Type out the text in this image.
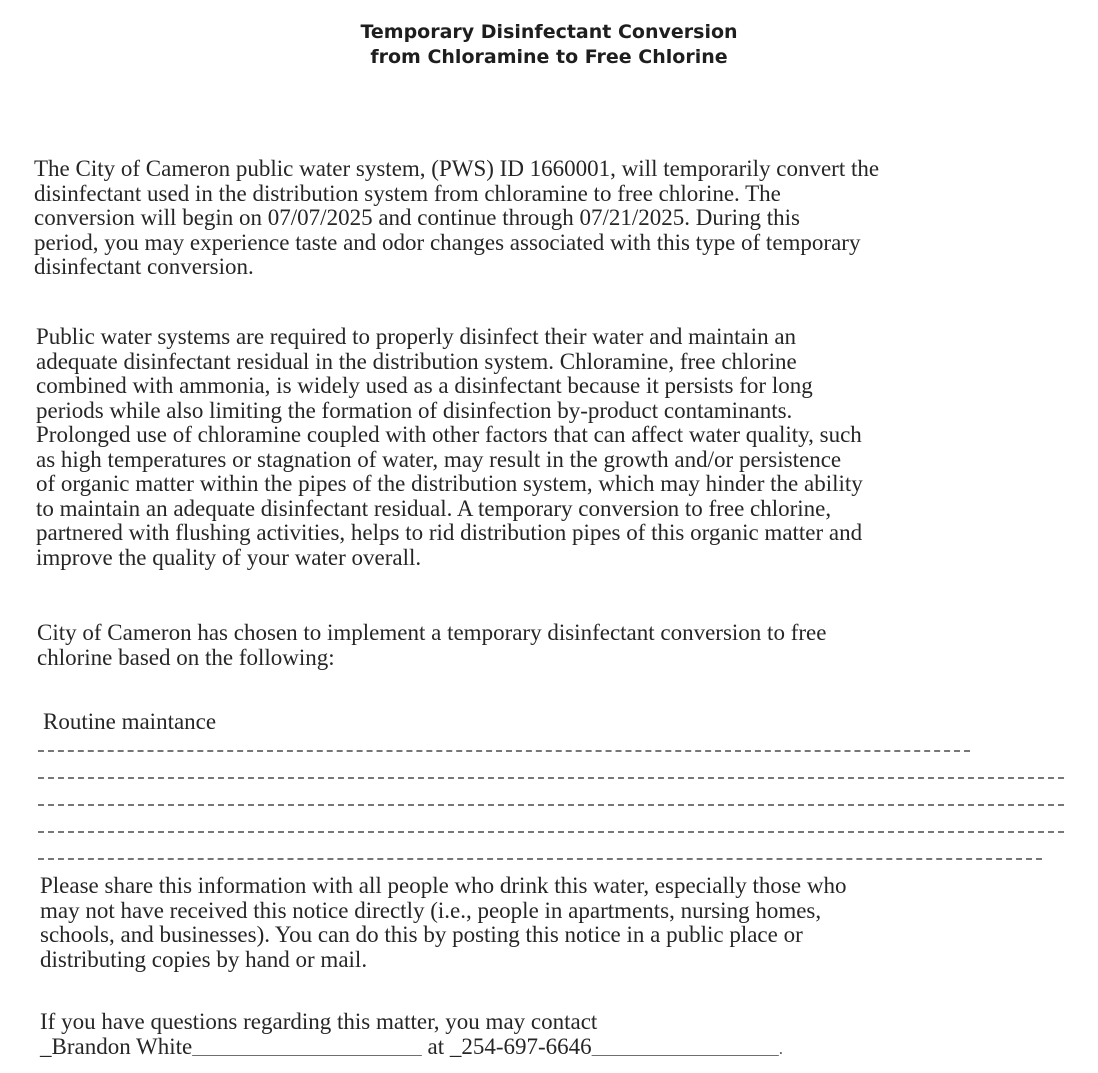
Temporary Disinfectant Conversion
from Chloramine to Free Chlorine
The City of Cameron public water system, (PWS) ID 1660001, will temporarily convert the
disinfectant used in the distribution system from chloramine to free chlorine. The
conversion will begin on 07/07/2025 and continue through 07/21/2025. During this
period, you may experience taste and odor changes associated with this type of temporary
disinfectant conversion.
Public water systems are required to properly disinfect their water and maintain an
adequate disinfectant residual in the distribution system. Chloramine, free chlorine
combined with ammonia, is widely used as a disinfectant because it persists for long
periods while also limiting the formation of disinfection by-product contaminants.
Prolonged use of chloramine coupled with other factors that can affect water quality, such
as high temperatures or stagnation of water, may result in the growth and/or persistence
of organic matter within the pipes of the distribution system, which may hinder the ability
to maintain an adequate disinfectant residual. A temporary conversion to free chlorine,
partnered with flushing activities, helps to rid distribution pipes of this organic matter and
improve the quality of your water overall.
City of Cameron has chosen to implement a temporary disinfectant conversion to free
chlorine based on the following:
Routine maintance
Please share this information with all people who drink this water, especially those who
may not have received this notice directly (i.e., people in apartments, nursing homes,
schools, and businesses). You can do this by posting this notice in a public place or
distributing copies by hand or mail.
If you have questions regarding this matter, you may contact
_Brandon White___________________________ at _254-697-6646______________________.
